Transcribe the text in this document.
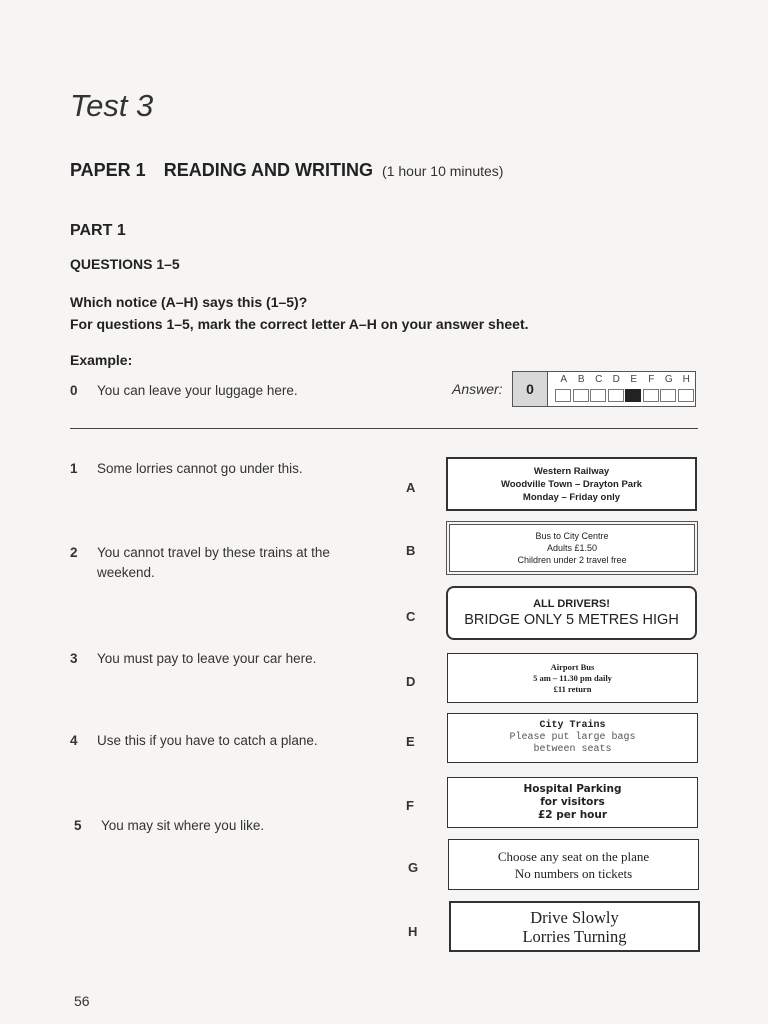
Test 3
PAPER 1 READING AND WRITING (1 hour 10 minutes)
PART 1
QUESTIONS 1–5
Which notice (A–H) says this (1–5)?
For questions 1–5, mark the correct letter A–H on your answer sheet.
Example:
0 You can leave your luggage here.	Answer:	0
A B C D E F G H
1 Some lorries cannot go under this.
2 You cannot travel by these trains at the weekend.
3 You must pay to leave your car here.
4 Use this if you have to catch a plane.
5 You may sit where you like.
A
Western Railway
Woodville Town – Drayton Park
Monday – Friday only
B
Bus to City Centre
Adults £1.50
Children under 2 travel free
C
ALL DRIVERS!
BRIDGE ONLY 5 METRES HIGH
D
Airport Bus
5 am – 11.30 pm daily
£11 return
E
City Trains
Please put large bags
between seats
F
Hospital Parking
for visitors
£2 per hour
G
Choose any seat on the plane
No numbers on tickets
H
Drive Slowly
Lorries Turning
56
